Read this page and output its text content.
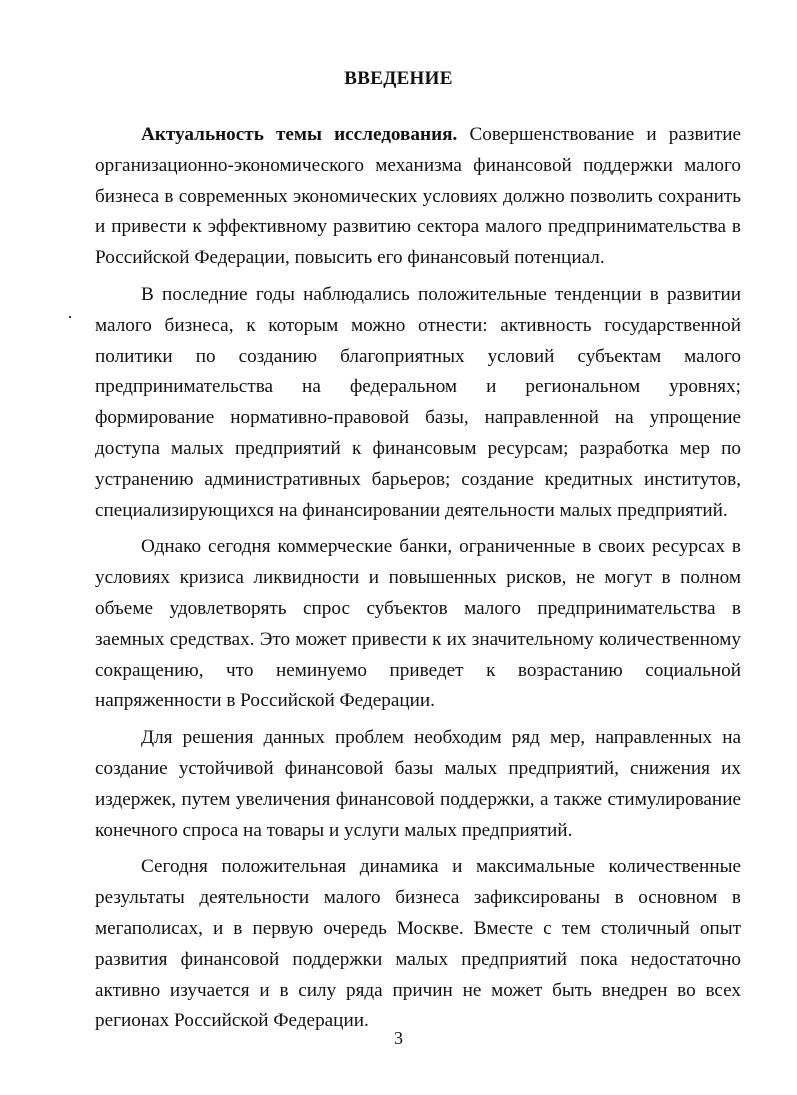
ВВЕДЕНИЕ

Актуальность темы исследования. Совершенствование и развитие организационно-экономического механизма финансовой поддержки малого бизнеса в современных экономических условиях должно позволить сохранить и привести к эффективному развитию сектора малого предпринимательства в Российской Федерации, повысить его финансовый потенциал.

В последние годы наблюдались положительные тенденции в развитии малого бизнеса, к которым можно отнести: активность государственной политики по созданию благоприятных условий субъектам малого предпринимательства на федеральном и региональном уровнях; формирование нормативно-правовой базы, направленной на упрощение доступа малых предприятий к финансовым ресурсам; разработка мер по устранению административных барьеров; создание кредитных институтов, специализирующихся на финансировании деятельности малых предприятий.

Однако сегодня коммерческие банки, ограниченные в своих ресурсах в условиях кризиса ликвидности и повышенных рисков, не могут в полном объеме удовлетворять спрос субъектов малого предпринимательства в заемных средствах. Это может привести к их значительному количественному сокращению, что неминуемо приведет к возрастанию социальной напряженности в Российской Федерации.

Для решения данных проблем необходим ряд мер, направленных на создание устойчивой финансовой базы малых предприятий, снижения их издержек, путем увеличения финансовой поддержки, а также стимулирование конечного спроса на товары и услуги малых предприятий.

Сегодня положительная динамика и максимальные количественные результаты деятельности малого бизнеса зафиксированы в основном в мегаполисах, и в первую очередь Москве. Вместе с тем столичный опыт развития финансовой поддержки малых предприятий пока недостаточно активно изучается и в силу ряда причин не может быть внедрен во всех регионах Российской Федерации.

3
